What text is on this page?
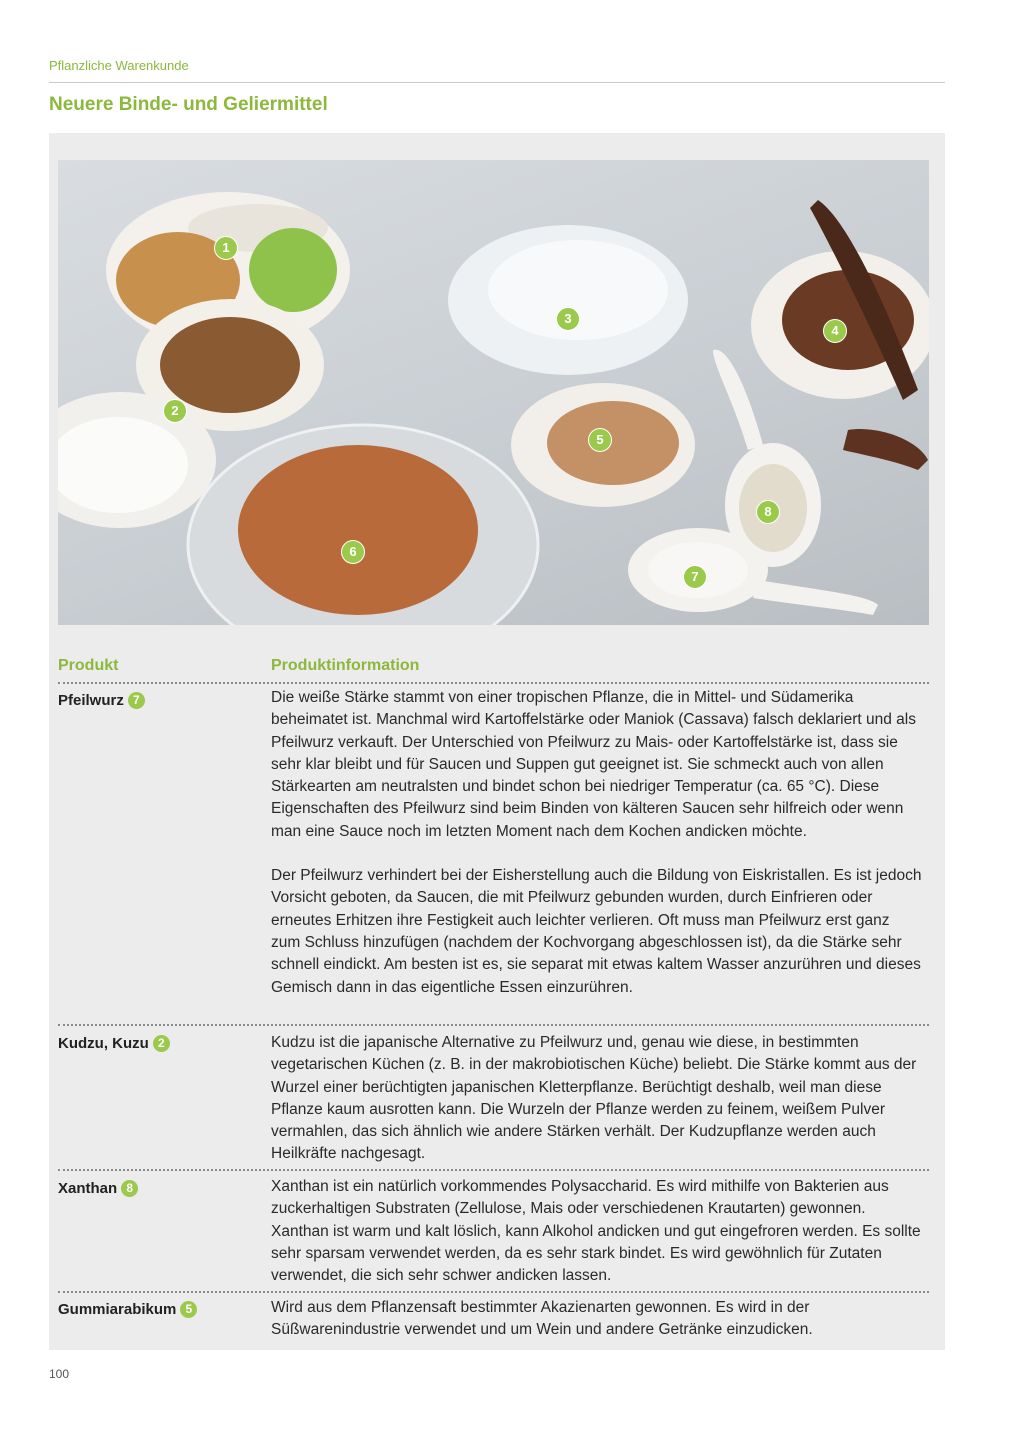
Pflanzliche Warenkunde
Neuere Binde- und Geliermittel
1
2
3
4
5
6
7
8
Produkt	Produktinformation
Pfeilwurz 7	Die weiße Stärke stammt von einer tropischen Pflanze, die in Mittel- und Südamerika beheimatet ist. Manchmal wird Kartoffelstärke oder Maniok (Cassava) falsch deklariert und als Pfeilwurz verkauft. Der Unterschied von Pfeilwurz zu Mais- oder Kartoffelstärke ist, dass sie sehr klar bleibt und für Saucen und Suppen gut geeignet ist. Sie schmeckt auch von allen Stärkearten am neutralsten und bindet schon bei niedriger Temperatur (ca. 65 °C). Diese Eigenschaften des Pfeilwurz sind beim Binden von kälteren Saucen sehr hilfreich oder wenn man eine Sauce noch im letzten Moment nach dem Kochen andicken möchte.

Der Pfeilwurz verhindert bei der Eisherstellung auch die Bildung von Eiskristallen. Es ist jedoch Vorsicht geboten, da Saucen, die mit Pfeilwurz gebunden wurden, durch Einfrieren oder erneutes Erhitzen ihre Festigkeit auch leichter verlieren. Oft muss man Pfeilwurz erst ganz zum Schluss hinzufügen (nachdem der Kochvorgang abgeschlossen ist), da die Stärke sehr schnell eindickt. Am besten ist es, sie separat mit etwas kaltem Wasser anzurühren und dieses Gemisch dann in das eigentliche Essen einzurühren.

Kudzu, Kuzu 2	Kudzu ist die japanische Alternative zu Pfeilwurz und, genau wie diese, in bestimmten vegetarischen Küchen (z. B. in der makrobiotischen Küche) beliebt. Die Stärke kommt aus der Wurzel einer berüchtigten japanischen Kletterpflanze. Berüchtigt deshalb, weil man diese Pflanze kaum ausrotten kann. Die Wurzeln der Pflanze werden zu feinem, weißem Pulver vermahlen, das sich ähnlich wie andere Stärken verhält. Der Kudzupflanze werden auch Heilkräfte nachgesagt.

Xanthan 8	Xanthan ist ein natürlich vorkommendes Polysaccharid. Es wird mithilfe von Bakterien aus zuckerhaltigen Substraten (Zellulose, Mais oder verschiedenen Krautarten) gewonnen. Xanthan ist warm und kalt löslich, kann Alkohol andicken und gut eingefroren werden. Es sollte sehr sparsam verwendet werden, da es sehr stark bindet. Es wird gewöhnlich für Zutaten verwendet, die sich sehr schwer andicken lassen.

Gummiarabikum 5	Wird aus dem Pflanzensaft bestimmter Akazienarten gewonnen. Es wird in der Süßwarenindustrie verwendet und um Wein und andere Getränke einzudicken.

100
